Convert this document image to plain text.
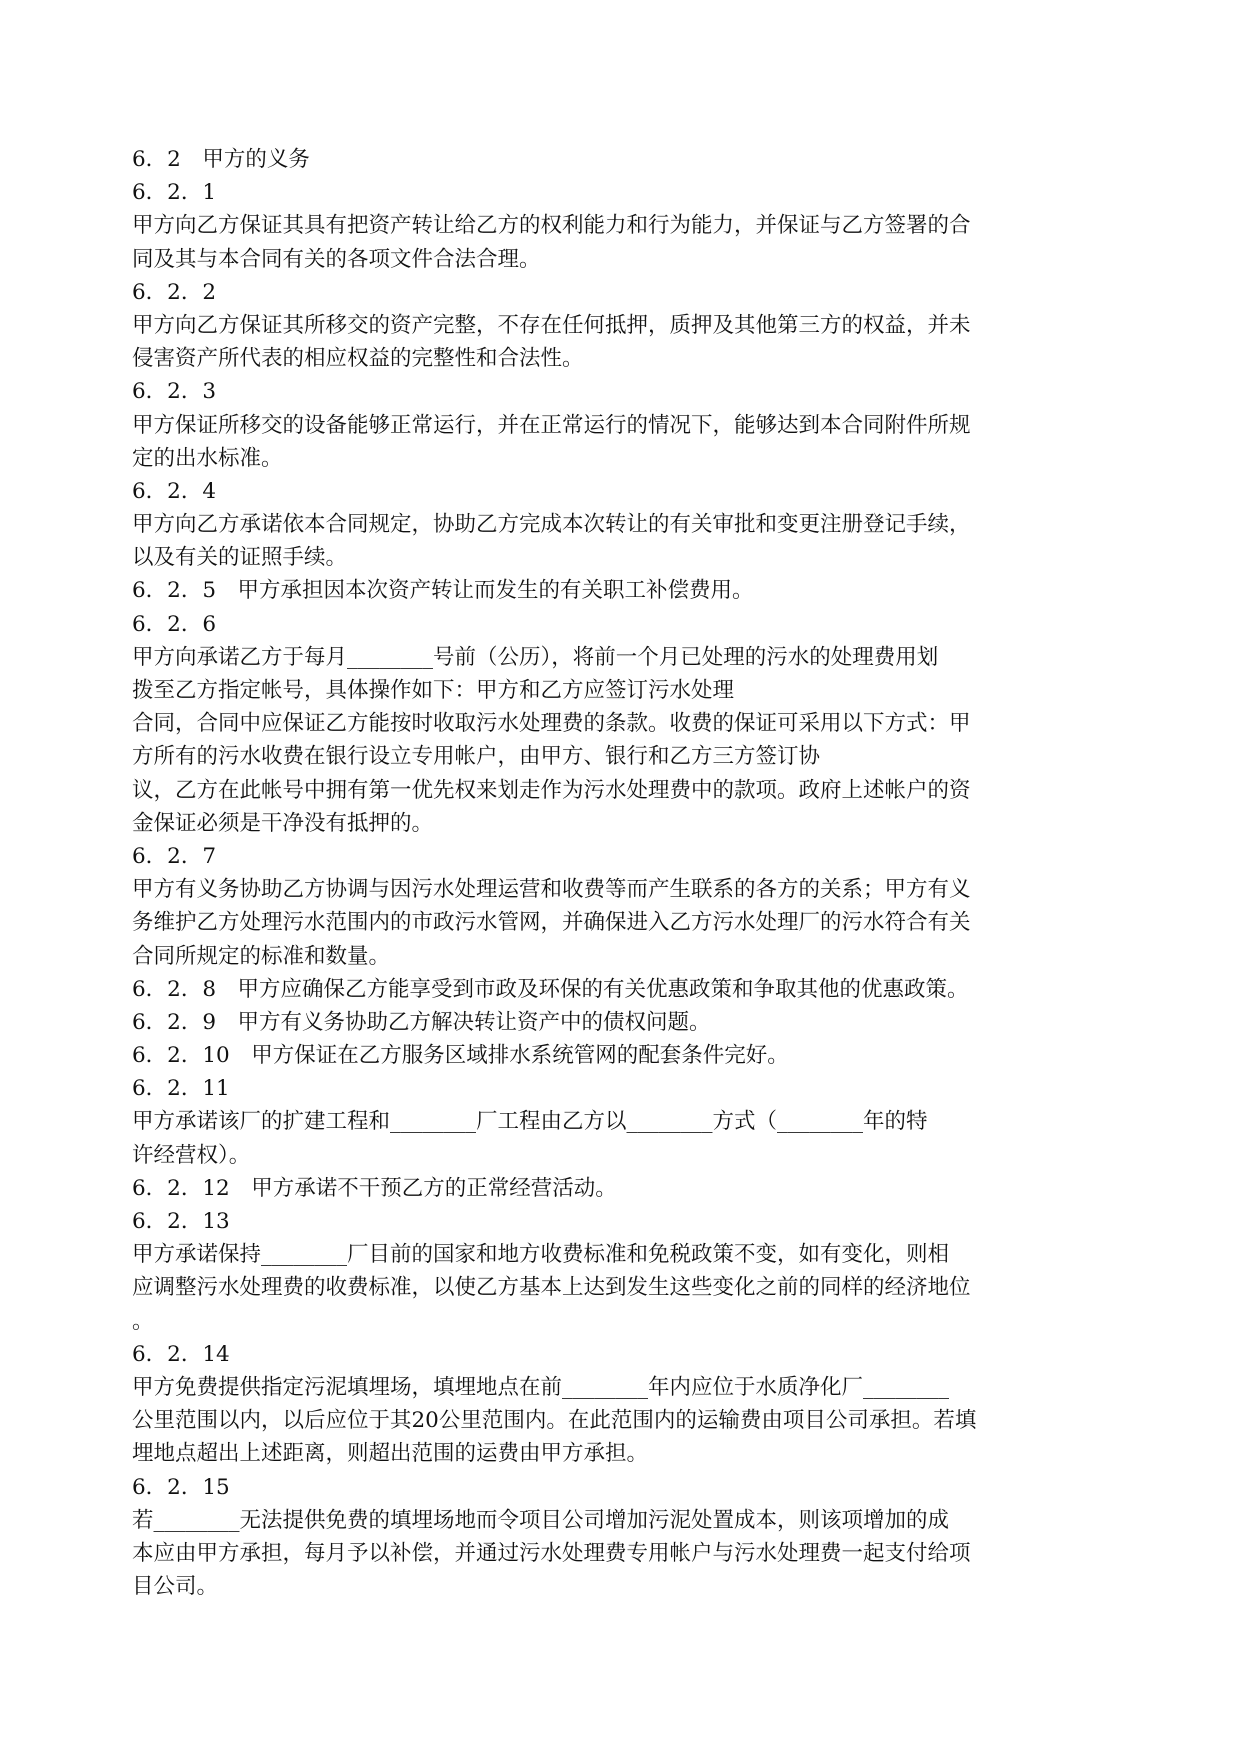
6．2　甲方的义务
6．2．1
甲方向乙方保证其具有把资产转让给乙方的权利能力和行为能力，并保证与乙方签署的合
同及其与本合同有关的各项文件合法合理。
6．2．2
甲方向乙方保证其所移交的资产完整，不存在任何抵押，质押及其他第三方的权益，并未
侵害资产所代表的相应权益的完整性和合法性。
6．2．3
甲方保证所移交的设备能够正常运行，并在正常运行的情况下，能够达到本合同附件所规
定的出水标准。
6．2．4
甲方向乙方承诺依本合同规定，协助乙方完成本次转让的有关审批和变更注册登记手续，
以及有关的证照手续。
6．2．5　甲方承担因本次资产转让而发生的有关职工补偿费用。
6．2．6
甲方向承诺乙方于每月________号前（公历），将前一个月已处理的污水的处理费用划
拨至乙方指定帐号，具体操作如下：甲方和乙方应签订污水处理
合同，合同中应保证乙方能按时收取污水处理费的条款。收费的保证可采用以下方式：甲
方所有的污水收费在银行设立专用帐户，由甲方、银行和乙方三方签订协
议，乙方在此帐号中拥有第一优先权来划走作为污水处理费中的款项。政府上述帐户的资
金保证必须是干净没有抵押的。
6．2．7
甲方有义务协助乙方协调与因污水处理运营和收费等而产生联系的各方的关系；甲方有义
务维护乙方处理污水范围内的市政污水管网，并确保进入乙方污水处理厂的污水符合有关
合同所规定的标准和数量。
6．2．8　甲方应确保乙方能享受到市政及环保的有关优惠政策和争取其他的优惠政策。
6．2．9　甲方有义务协助乙方解决转让资产中的债权问题。
6．2．10　甲方保证在乙方服务区域排水系统管网的配套条件完好。
6．2．11
甲方承诺该厂的扩建工程和________厂工程由乙方以________方式（________年的特
许经营权）。
6．2．12　甲方承诺不干预乙方的正常经营活动。
6．2．13
甲方承诺保持________厂目前的国家和地方收费标准和免税政策不变，如有变化，则相
应调整污水处理费的收费标准，以使乙方基本上达到发生这些变化之前的同样的经济地位
。
6．2．14
甲方免费提供指定污泥填埋场，填埋地点在前________年内应位于水质净化厂________
公里范围以内，以后应位于其20公里范围内。在此范围内的运输费由项目公司承担。若填
埋地点超出上述距离，则超出范围的运费由甲方承担。
6．2．15
若________无法提供免费的填埋场地而令项目公司增加污泥处置成本，则该项增加的成
本应由甲方承担，每月予以补偿，并通过污水处理费专用帐户与污水处理费一起支付给项
目公司。
